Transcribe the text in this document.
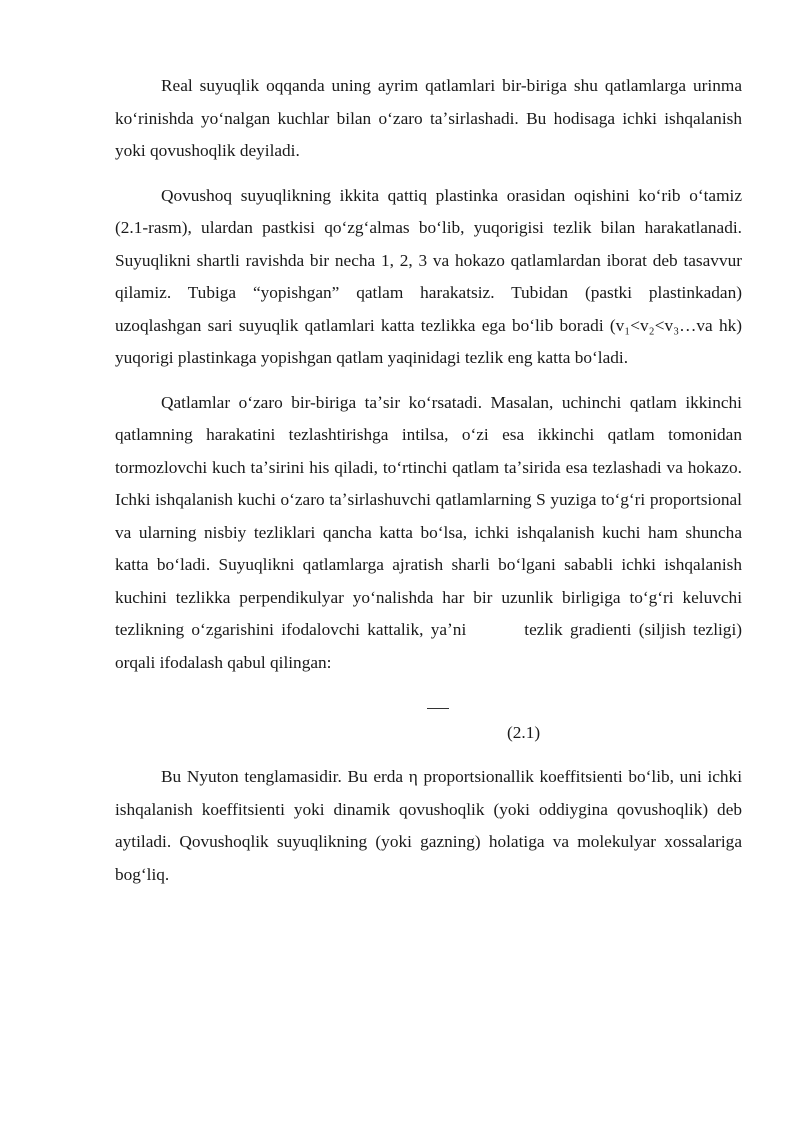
Real suyuqlik oqqanda uning ayrim qatlamlari bir-biriga shu qatlamlarga urinma koʻrinishda yoʻnalgan kuchlar bilan oʻzaro taʼsirlashadi. Bu hodisaga ichki ishqalanish yoki qovushoqlik deyiladi.

Qovushoq suyuqlikning ikkita qattiq plastinka orasidan oqishini koʻrib oʻtamiz (2.1-rasm), ulardan pastkisi qoʻzgʻalmas boʻlib, yuqorigisi tezlik bilan harakatlanadi. Suyuqlikni shartli ravishda bir necha 1, 2, 3 va hokazo qatlamlardan iborat deb tasavvur qilamiz. Tubiga “yopishgan” qatlam harakatsiz. Tubidan (pastki plastinkadan) uzoqlashgan sari suyuqlik qatlamlari katta tezlikka ega boʻlib boradi (v₁<v₂<v₃…va hk) yuqorigi plastinkaga yopishgan qatlam yaqinidagi tezlik eng katta boʻladi.

Qatlamlar oʻzaro bir-biriga taʼsir koʻrsatadi. Masalan, uchinchi qatlam ikkinchi qatlamning harakatini tezlashtirishga intilsa, oʻzi esa ikkinchi qatlam tomonidan tormozlovchi kuch taʼsirini his qiladi, toʻrtinchi qatlam taʼsirida esa tezlashadi va hokazo. Ichki ishqalanish kuchi oʻzaro taʼsirlashuvchi qatlamlarning S yuziga toʻgʻri proportsional va ularning nisbiy tezliklari qancha katta boʻlsa, ichki ishqalanish kuchi ham shuncha katta boʻladi. Suyuqlikni qatlamlarga ajratish sharli boʻlgani sababli ichki ishqalanish kuchini tezlikka perpendikulyar yoʻnalishda har bir uzunlik birligiga toʻgʻri keluvchi tezlikning oʻzgarishini ifodalovchi kattalik, yaʼni	tezlik gradienti (siljish tezligi) orqali ifodalash qabul qilingan:

(2.1)

Bu Nyuton tenglamasidir. Bu erda η proportsionallik koeffitsienti boʻlib, uni ichki ishqalanish koeffitsienti yoki dinamik qovushoqlik (yoki oddiygina qovushoqlik) deb aytiladi. Qovushoqlik suyuqlikning (yoki gazning) holatiga va molekulyar xossalariga bogʻliq.
